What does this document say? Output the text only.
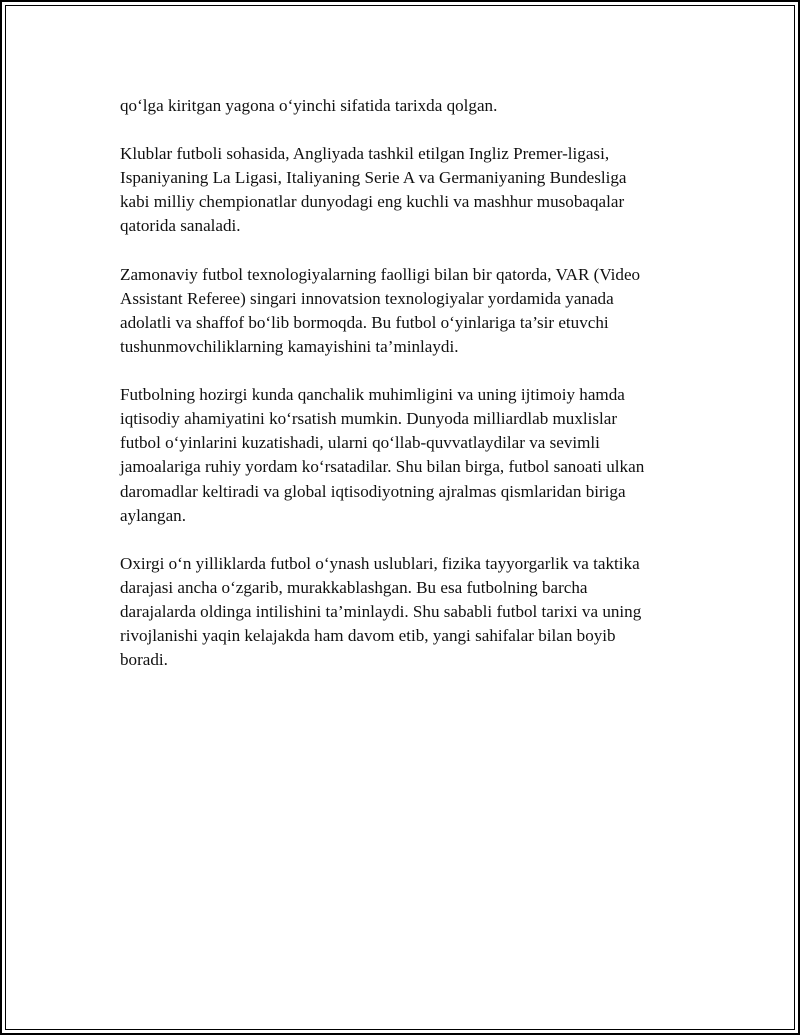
qo‘lga kiritgan yagona o‘yinchi sifatida tarixda qolgan.

Klublar futboli sohasida, Angliyada tashkil etilgan Ingliz Premer-ligasi,
Ispaniyaning La Ligasi, Italiyaning Serie A va Germaniyaning Bundesliga
kabi milliy chempionatlar dunyodagi eng kuchli va mashhur musobaqalar
qatorida sanaladi.

Zamonaviy futbol texnologiyalarning faolligi bilan bir qatorda, VAR (Video
Assistant Referee) singari innovatsion texnologiyalar yordamida yanada
adolatli va shaffof bo‘lib bormoqda. Bu futbol o‘yinlariga ta’sir etuvchi
tushunmovchiliklarning kamayishini ta’minlaydi.

Futbolning hozirgi kunda qanchalik muhimligini va uning ijtimoiy hamda
iqtisodiy ahamiyatini ko‘rsatish mumkin. Dunyoda milliardlab muxlislar
futbol o‘yinlarini kuzatishadi, ularni qo‘llab-quvvatlaydilar va sevimli
jamoalariga ruhiy yordam ko‘rsatadilar. Shu bilan birga, futbol sanoati ulkan
daromadlar keltiradi va global iqtisodiyotning ajralmas qismlaridan biriga
aylangan.

Oxirgi o‘n yilliklarda futbol o‘ynash uslublari, fizika tayyorgarlik va taktika
darajasi ancha o‘zgarib, murakkablashgan. Bu esa futbolning barcha
darajalarda oldinga intilishini ta’minlaydi. Shu sababli futbol tarixi va uning
rivojlanishi yaqin kelajakda ham davom etib, yangi sahifalar bilan boyib
boradi.
